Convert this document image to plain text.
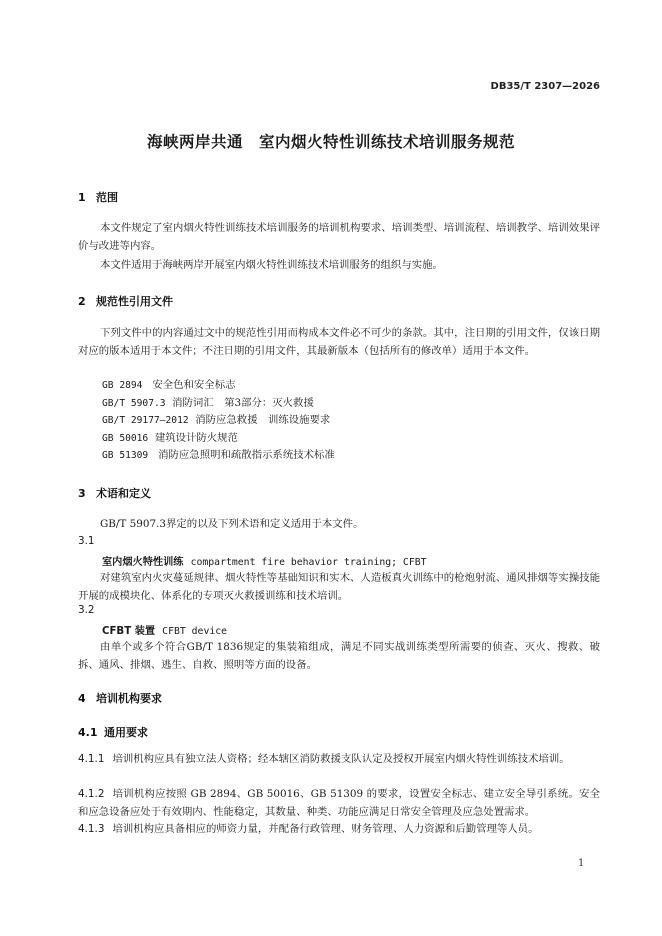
DB35/T 2307—2026
海峡两岸共通　室内烟火特性训练技术培训服务规范
1 范围

本文件规定了室内烟火特性训练技术培训服务的培训机构要求、培训类型、培训流程、培训教学、培训效果评价与改进等内容。

本文件适用于海峡两岸开展室内烟火特性训练技术培训服务的组织与实施。

2 规范性引用文件

下列文件中的内容通过文中的规范性引用而构成本文件必不可少的条款。其中，注日期的引用文件，仅该日期对应的版本适用于本文件；不注日期的引用文件，其最新版本（包括所有的修改单）适用于本文件。

GB 2894 安全色和安全标志
GB/T 5907.3 消防词汇　第3部分：灭火救援
GB/T 29177—2012 消防应急救援　训练设施要求
GB 50016 建筑设计防火规范
GB 51309 消防应急照明和疏散指示系统技术标准
3 术语和定义

GB/T 5907.3界定的以及下列术语和定义适用于本文件。

3.1
室内烟火特性训练 compartment fire behavior training; CFBT

对建筑室内火灾蔓延规律、烟火特性等基础知识和实木、人造板真火训练中的枪炮射流、通风排烟等实操技能开展的成模块化、体系化的专项灭火救援训练和技术培训。

3.2
CFBT 装置 CFBT device

由单个或多个符合GB/T 1836规定的集装箱组成，满足不同实战训练类型所需要的侦查、灭火、搜救、破拆、通风、排烟、逃生、自救、照明等方面的设备。

4 培训机构要求
4.1 通用要求

4.1.1 培训机构应具有独立法人资格；经本辖区消防救援支队认定及授权开展室内烟火特性训练技术培训。

4.1.2 培训机构应按照 GB 2894、GB 50016、GB 51309 的要求，设置安全标志、建立安全导引系统。安全和应急设备应处于有效期内、性能稳定，其数量、种类、功能应满足日常安全管理及应急处置需求。

4.1.3 培训机构应具备相应的师资力量，并配备行政管理、财务管理、人力资源和后勤管理等人员。

1
